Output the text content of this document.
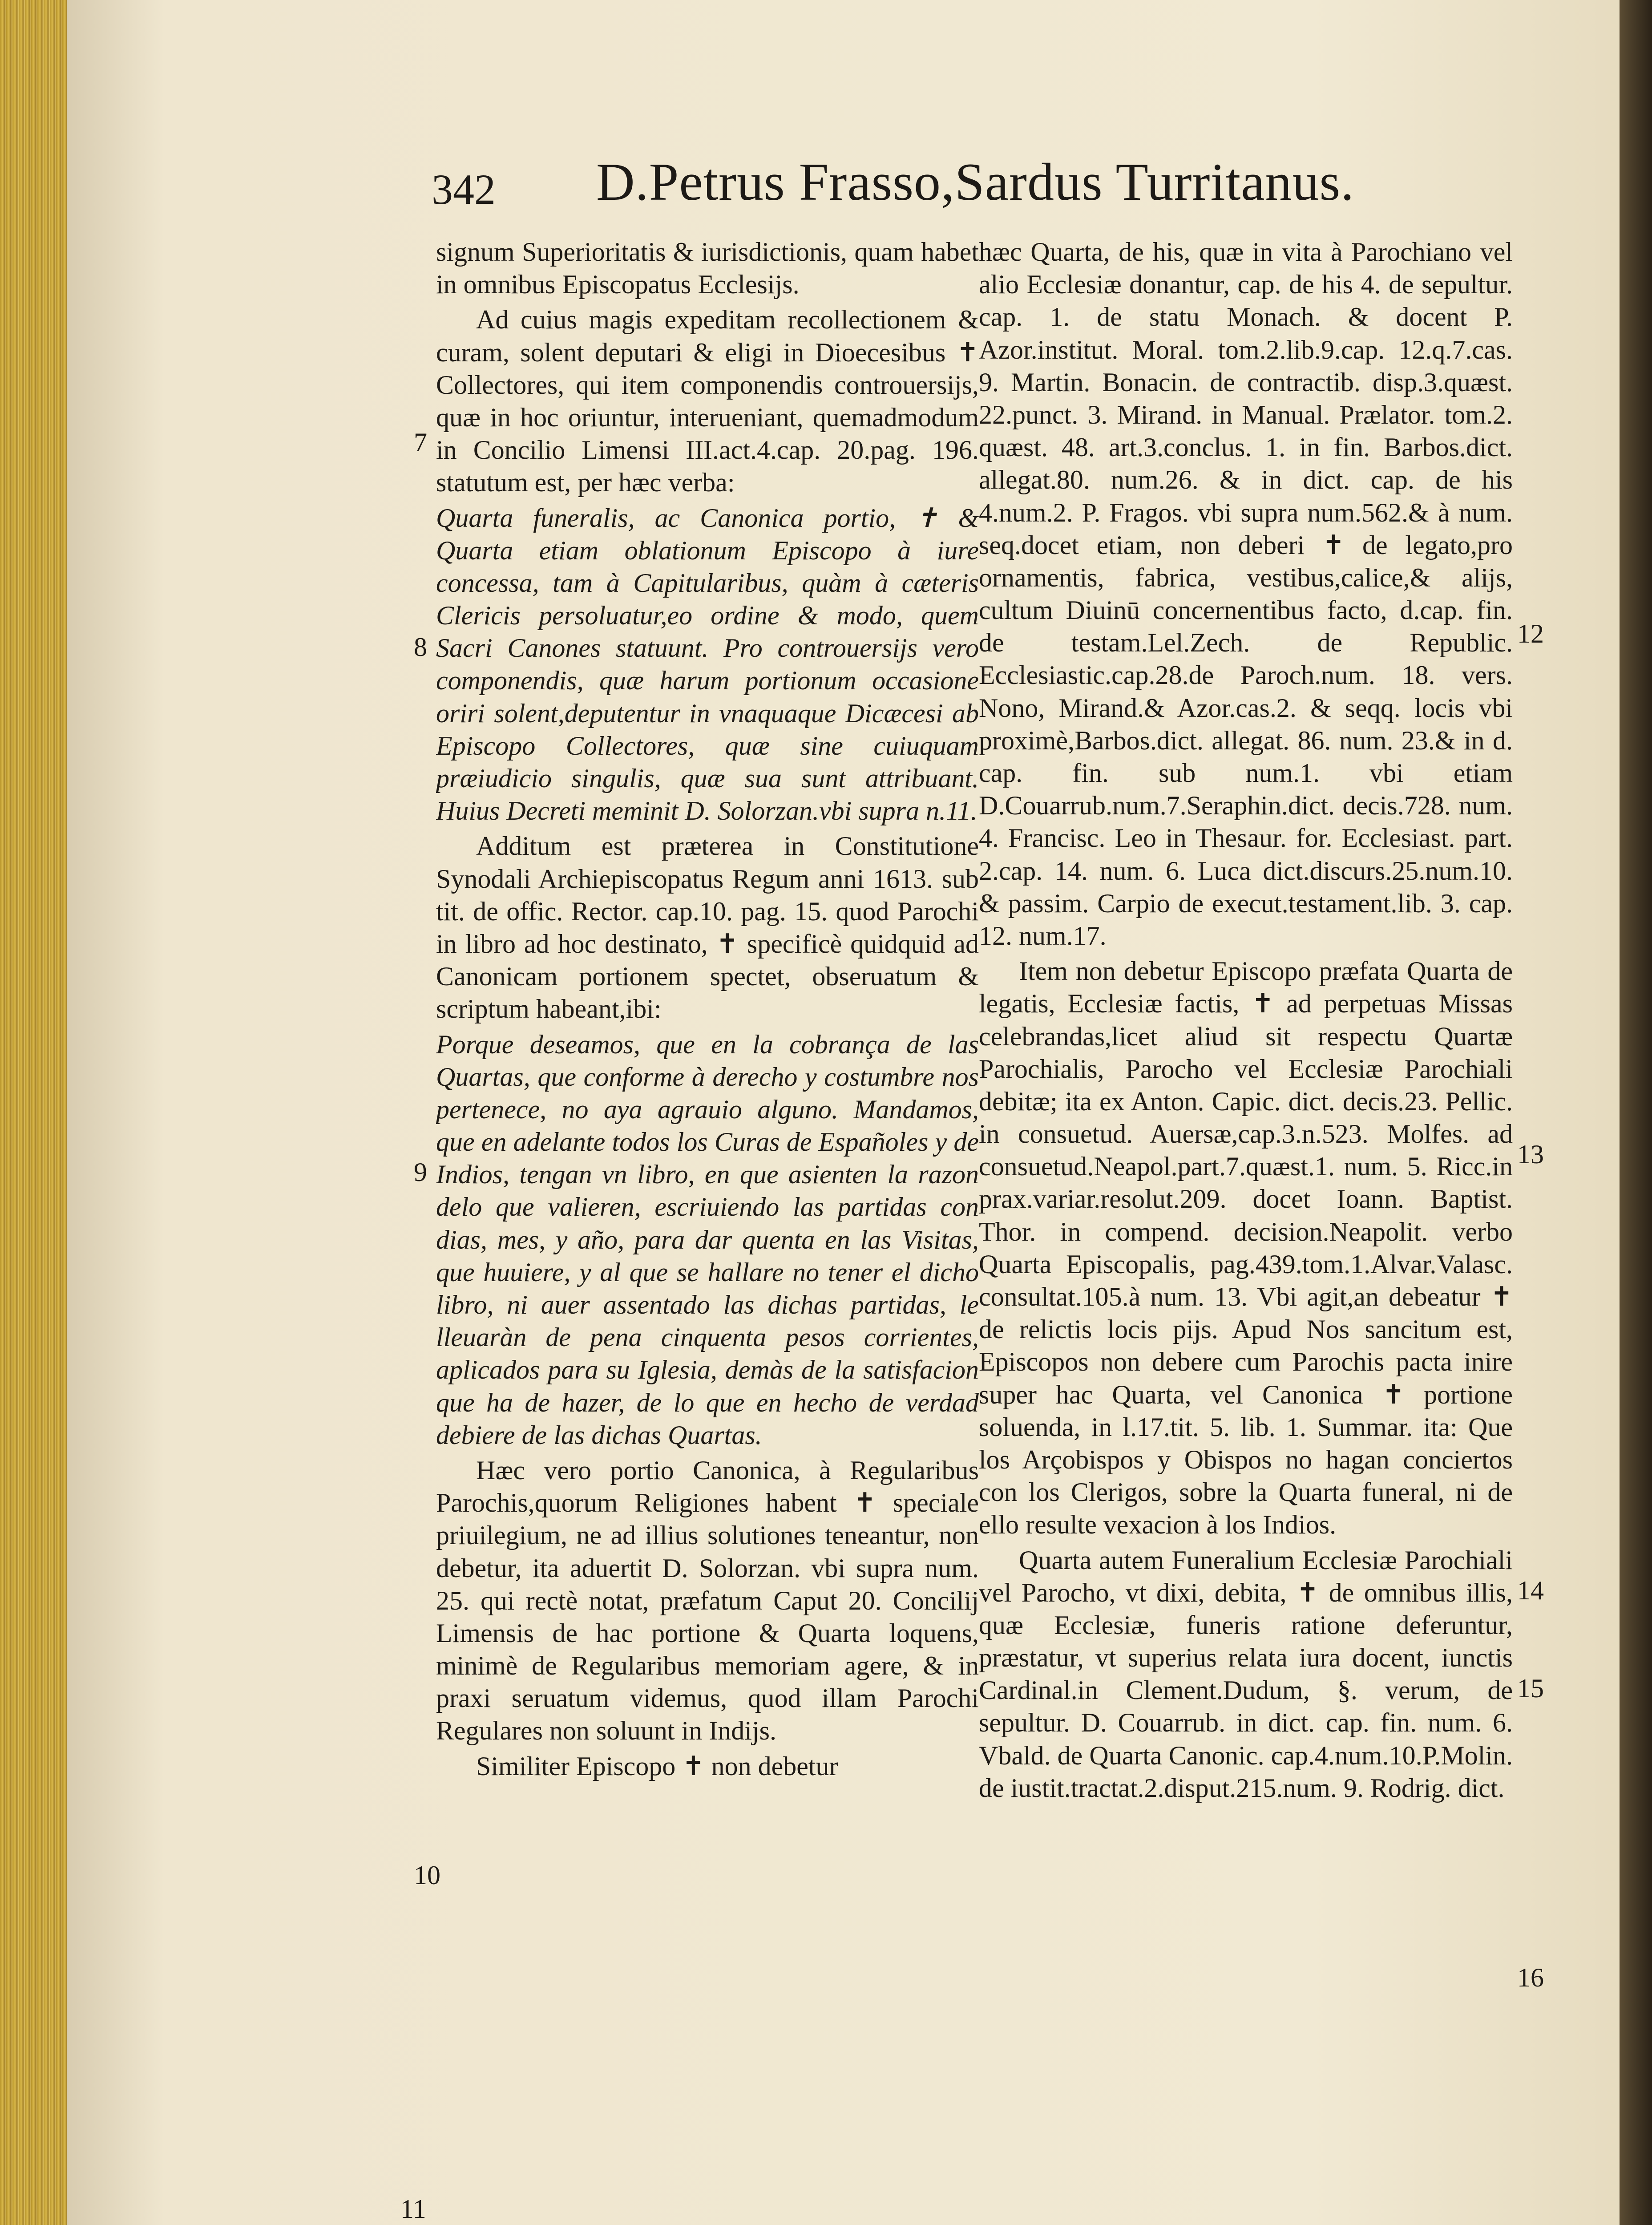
342 D.Petrus Frasso,Sardus Turritanus.

signum Superioritatis & iurisdictionis, quam habet in omnibus Episcopatus Ecclesijs.

Ad cuius magis expeditam recollectionem & curam, solent deputari & eligi in Dioecesibus ✝ Collectores, qui item componendis controuersijs, quæ in hoc oriuntur, interueniant, quemadmodum in Concilio Limensi III.act.4.cap. 20.pag. 196. statutum est, per hæc verba:

Quarta funeralis, ac Canonica portio, ✝ & Quarta etiam oblationum Episcopo à iure concessa, tam à Capitularibus, quàm à cæteris Clericis persoluatur,eo ordine & modo, quem Sacri Canones statuunt. Pro controuersijs vero componendis, quæ harum portionum occasione oriri solent,deputentur in vnaquaque Dicæcesi ab Episcopo Collectores, quæ sine cuiuquam præiudicio singulis, quæ sua sunt attribuant. Huius Decreti meminit D. Solorzan.vbi supra n.11.

Additum est præterea in Constitutione Synodali Archiepiscopatus Regum anni 1613. sub tit. de offic. Rector. cap.10. pag. 15. quod Parochi in libro ad hoc destinato, ✝ specificè quidquid ad Canonicam portionem spectet, obseruatum & scriptum habeant,ibi:

Porque deseamos, que en la cobrança de las Quartas, que conforme à derecho y costumbre nos pertenece, no aya agrauio alguno. Mandamos, que en adelante todos los Curas de Españoles y de Indios, tengan vn libro, en que asienten la razon delo que valieren, escriuiendo las partidas con dias, mes, y año, para dar quenta en las Visitas, que huuiere, y al que se hallare no tener el dicho libro, ni auer assentado las dichas partidas, le lleuaràn de pena cinquenta pesos corrientes, aplicados para su Iglesia, demàs de la satisfacion que ha de hazer, de lo que en hecho de verdad debiere de las dichas Quartas.

Hæc vero portio Canonica, à Regularibus Parochis,quorum Religiones habent ✝ speciale priuilegium, ne ad illius solutiones teneantur, non debetur, ita aduertit D. Solorzan. vbi supra num. 25. qui rectè notat, præfatum Caput 20. Concilij Limensis de hac portione & Quarta loquens, minimè de Regularibus memoriam agere, & in praxi seruatum videmus, quod illam Parochi Regulares non soluunt in Indijs.

Similiter Episcopo ✝ non debetur

hæc Quarta, de his, quæ in vita à Parochiano vel alio Ecclesiæ donantur, cap. de his 4. de sepultur. cap. 1. de statu Monach. & docent P. Azor.institut. Moral. tom.2.lib.9.cap. 12.q.7.cas. 9. Martin. Bonacin. de contractib. disp.3.quæst. 22.punct. 3. Mirand. in Manual. Prælator. tom.2. quæst. 48. art.3.conclus. 1. in fin. Barbos.dict. allegat.80. num.26. & in dict. cap. de his 4.num.2. P. Fragos. vbi supra num.562.& à num. seq.docet etiam, non deberi ✝ de legato,pro ornamentis, fabrica, vestibus,calice,& alijs, cultum Diuinū concernentibus facto, d.cap. fin. de testam.Lel.Zech. de Republic. Ecclesiastic.cap.28.de Paroch.num. 18. vers. Nono, Mirand.& Azor.cas.2. & seqq. locis vbi proximè,Barbos.dict. allegat. 86. num. 23.& in d. cap. fin. sub num.1. vbi etiam D.Couarrub.num.7.Seraphin.dict. decis.728. num. 4. Francisc. Leo in Thesaur. for. Ecclesiast. part. 2.cap. 14. num. 6. Luca dict.discurs.25.num.10. & passim. Carpio de execut.testament.lib. 3. cap. 12. num.17.

Item non debetur Episcopo præfata Quarta de legatis, Ecclesiæ factis, ✝ ad perpetuas Missas celebrandas,licet aliud sit respectu Quartæ Parochialis, Parocho vel Ecclesiæ Parochiali debitæ; ita ex Anton. Capic. dict. decis.23. Pellic. in consuetud. Auersæ,cap.3.n.523. Molfes. ad consuetud.Neapol.part.7.quæst.1. num. 5. Ricc.in prax.variar.resolut.209. docet Ioann. Baptist. Thor. in compend. decision.Neapolit. verbo Quarta Episcopalis, pag.439.tom.1.Alvar.Valasc. consultat.105.à num. 13. Vbi agit,an debeatur ✝ de relictis locis pijs. Apud Nos sancitum est, Episcopos non debere cum Parochis pacta inire super hac Quarta, vel Canonica ✝ portione soluenda, in l.17.tit. 5. lib. 1. Summar. ita: Que los Arçobispos y Obispos no hagan conciertos con los Clerigos, sobre la Quarta funeral, ni de ello resulte vexacion à los Indios.

Quarta autem Funeralium Ecclesiæ Parochiali vel Parocho, vt dixi, debita, ✝ de omnibus illis, quæ Ecclesiæ, funeris ratione deferuntur, præstatur, vt superius relata iura docent, iunctis Cardinal.in Clement.Dudum, §. verum, de sepultur. D. Couarrub. in dict. cap. fin. num. 6. Vbald. de Quarta Canonic. cap.4.num.10.P.Molin. de iustit.tractat.2.disput.215.num. 9. Rodrig. dict.

7
8
9
10
11
12
13
14
15
16
